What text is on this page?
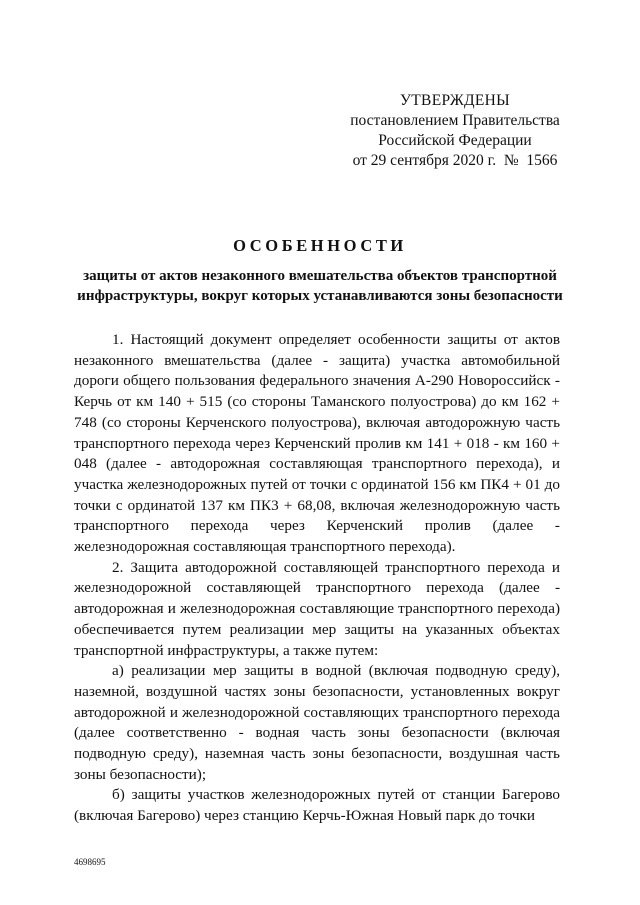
УТВЕРЖДЕНЫ
постановлением Правительства
Российской Федерации
от 29 сентября 2020 г.  №  1566
ОСОБЕННОСТИ
защиты от актов незаконного вмешательства объектов транспортной инфраструктуры, вокруг которых устанавливаются зоны безопасности

1. Настоящий документ определяет особенности защиты от актов незаконного вмешательства (далее - защита) участка автомобильной дороги общего пользования федерального значения А-290 Новороссийск - Керчь от км 140 + 515 (со стороны Таманского полуострова) до км 162 + 748 (со стороны Керченского полуострова), включая автодорожную часть транспортного перехода через Керченский пролив км 141 + 018 - км 160 + 048 (далее - автодорожная составляющая транспортного перехода), и участка железнодорожных путей от точки с ординатой 156 км ПК4 + 01 до точки с ординатой 137 км ПК3 + 68,08, включая железнодорожную часть транспортного перехода через Керченский пролив (далее - железнодорожная составляющая транспортного перехода).

2. Защита автодорожной составляющей транспортного перехода и железнодорожной составляющей транспортного перехода (далее - автодорожная и железнодорожная составляющие транспортного перехода) обеспечивается путем реализации мер защиты на указанных объектах транспортной инфраструктуры, а также путем:

а) реализации мер защиты в водной (включая подводную среду), наземной, воздушной частях зоны безопасности, установленных вокруг автодорожной и железнодорожной составляющих транспортного перехода (далее соответственно - водная часть зоны безопасности (включая подводную среду), наземная часть зоны безопасности, воздушная часть зоны безопасности);

б) защиты участков железнодорожных путей от станции Багерово (включая Багерово) через станцию Керчь-Южная Новый парк до точки

4698695
